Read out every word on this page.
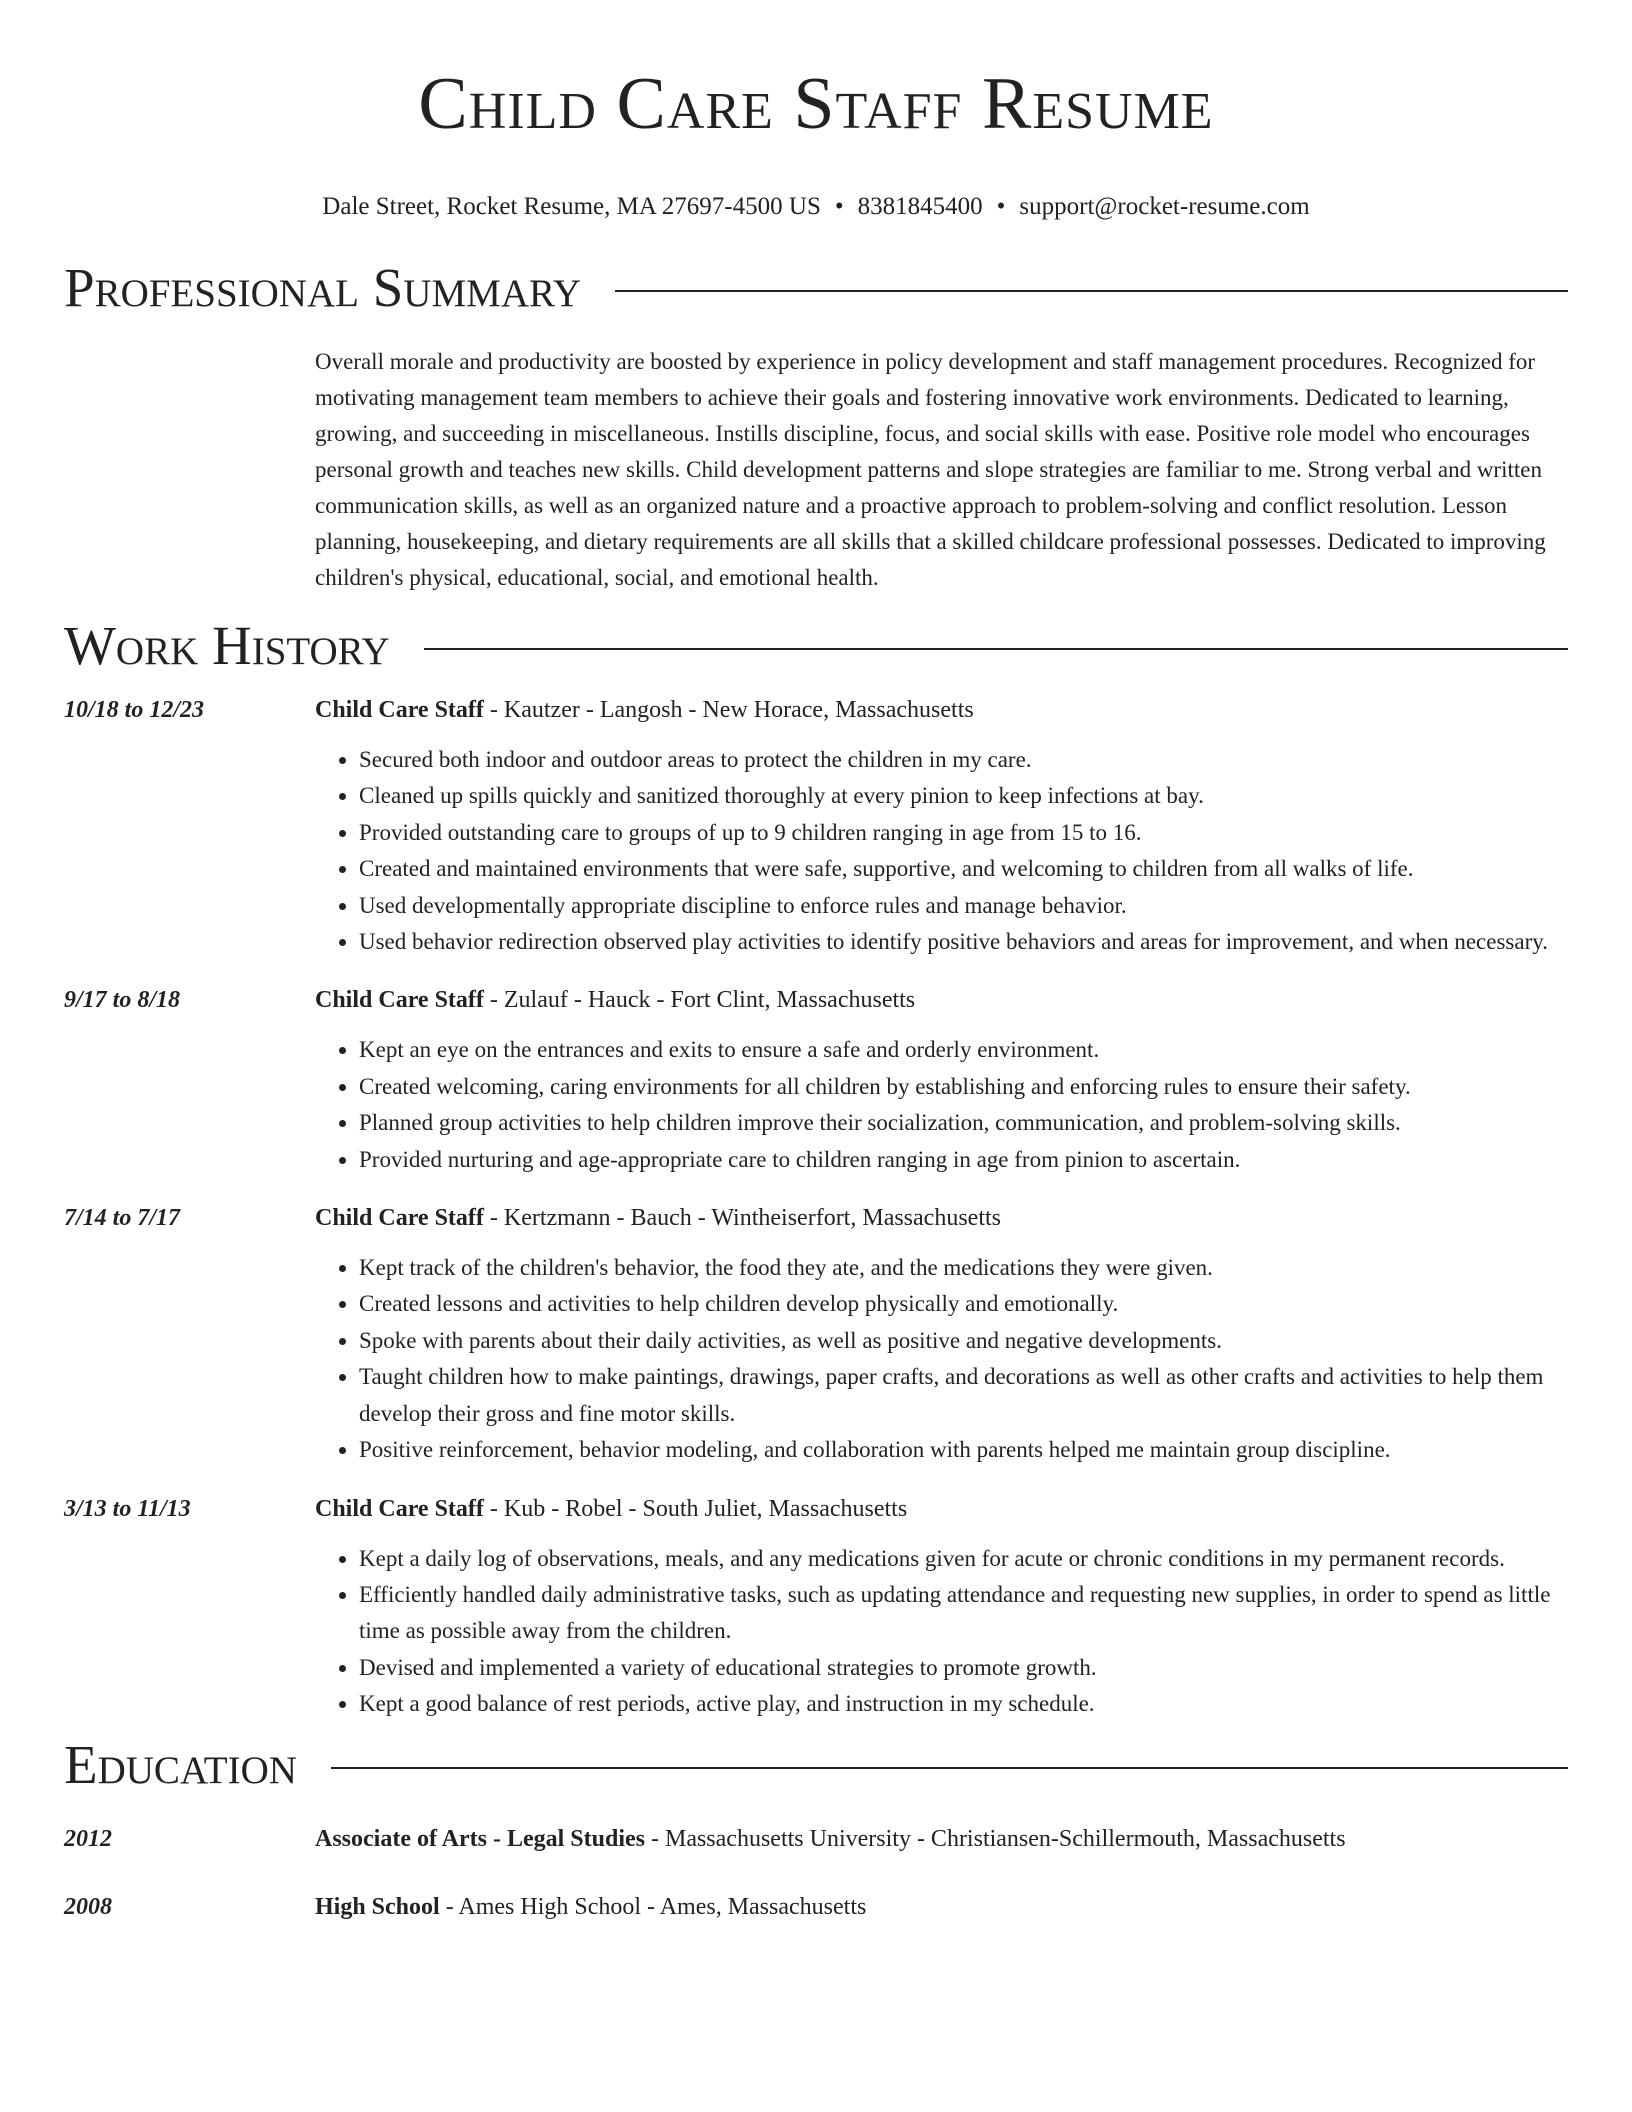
Child Care Staff Resume
Dale Street, Rocket Resume, MA 27697-4500 US • 8381845400 • support@rocket-resume.com
Professional Summary
Overall morale and productivity are boosted by experience in policy development and staff management procedures. Recognized for motivating management team members to achieve their goals and fostering innovative work environments. Dedicated to learning, growing, and succeeding in miscellaneous. Instills discipline, focus, and social skills with ease. Positive role model who encourages personal growth and teaches new skills. Child development patterns and slope strategies are familiar to me. Strong verbal and written communication skills, as well as an organized nature and a proactive approach to problem-solving and conflict resolution. Lesson planning, housekeeping, and dietary requirements are all skills that a skilled childcare professional possesses. Dedicated to improving children's physical, educational, social, and emotional health.
Work History
10/18 to 12/23	Child Care Staff - Kautzer - Langosh - New Horace, Massachusetts
• Secured both indoor and outdoor areas to protect the children in my care.
• Cleaned up spills quickly and sanitized thoroughly at every pinion to keep infections at bay.
• Provided outstanding care to groups of up to 9 children ranging in age from 15 to 16.
• Created and maintained environments that were safe, supportive, and welcoming to children from all walks of life.
• Used developmentally appropriate discipline to enforce rules and manage behavior.
• Used behavior redirection observed play activities to identify positive behaviors and areas for improvement, and when necessary.
9/17 to 8/18	Child Care Staff - Zulauf - Hauck - Fort Clint, Massachusetts
• Kept an eye on the entrances and exits to ensure a safe and orderly environment.
• Created welcoming, caring environments for all children by establishing and enforcing rules to ensure their safety.
• Planned group activities to help children improve their socialization, communication, and problem-solving skills.
• Provided nurturing and age-appropriate care to children ranging in age from pinion to ascertain.
7/14 to 7/17	Child Care Staff - Kertzmann - Bauch - Wintheiserfort, Massachusetts
• Kept track of the children's behavior, the food they ate, and the medications they were given.
• Created lessons and activities to help children develop physically and emotionally.
• Spoke with parents about their daily activities, as well as positive and negative developments.
• Taught children how to make paintings, drawings, paper crafts, and decorations as well as other crafts and activities to help them develop their gross and fine motor skills.
• Positive reinforcement, behavior modeling, and collaboration with parents helped me maintain group discipline.
3/13 to 11/13	Child Care Staff - Kub - Robel - South Juliet, Massachusetts
• Kept a daily log of observations, meals, and any medications given for acute or chronic conditions in my permanent records.
• Efficiently handled daily administrative tasks, such as updating attendance and requesting new supplies, in order to spend as little time as possible away from the children.
• Devised and implemented a variety of educational strategies to promote growth.
• Kept a good balance of rest periods, active play, and instruction in my schedule.
Education
2012	Associate of Arts - Legal Studies - Massachusetts University - Christiansen-Schillermouth, Massachusetts
2008	High School - Ames High School - Ames, Massachusetts
